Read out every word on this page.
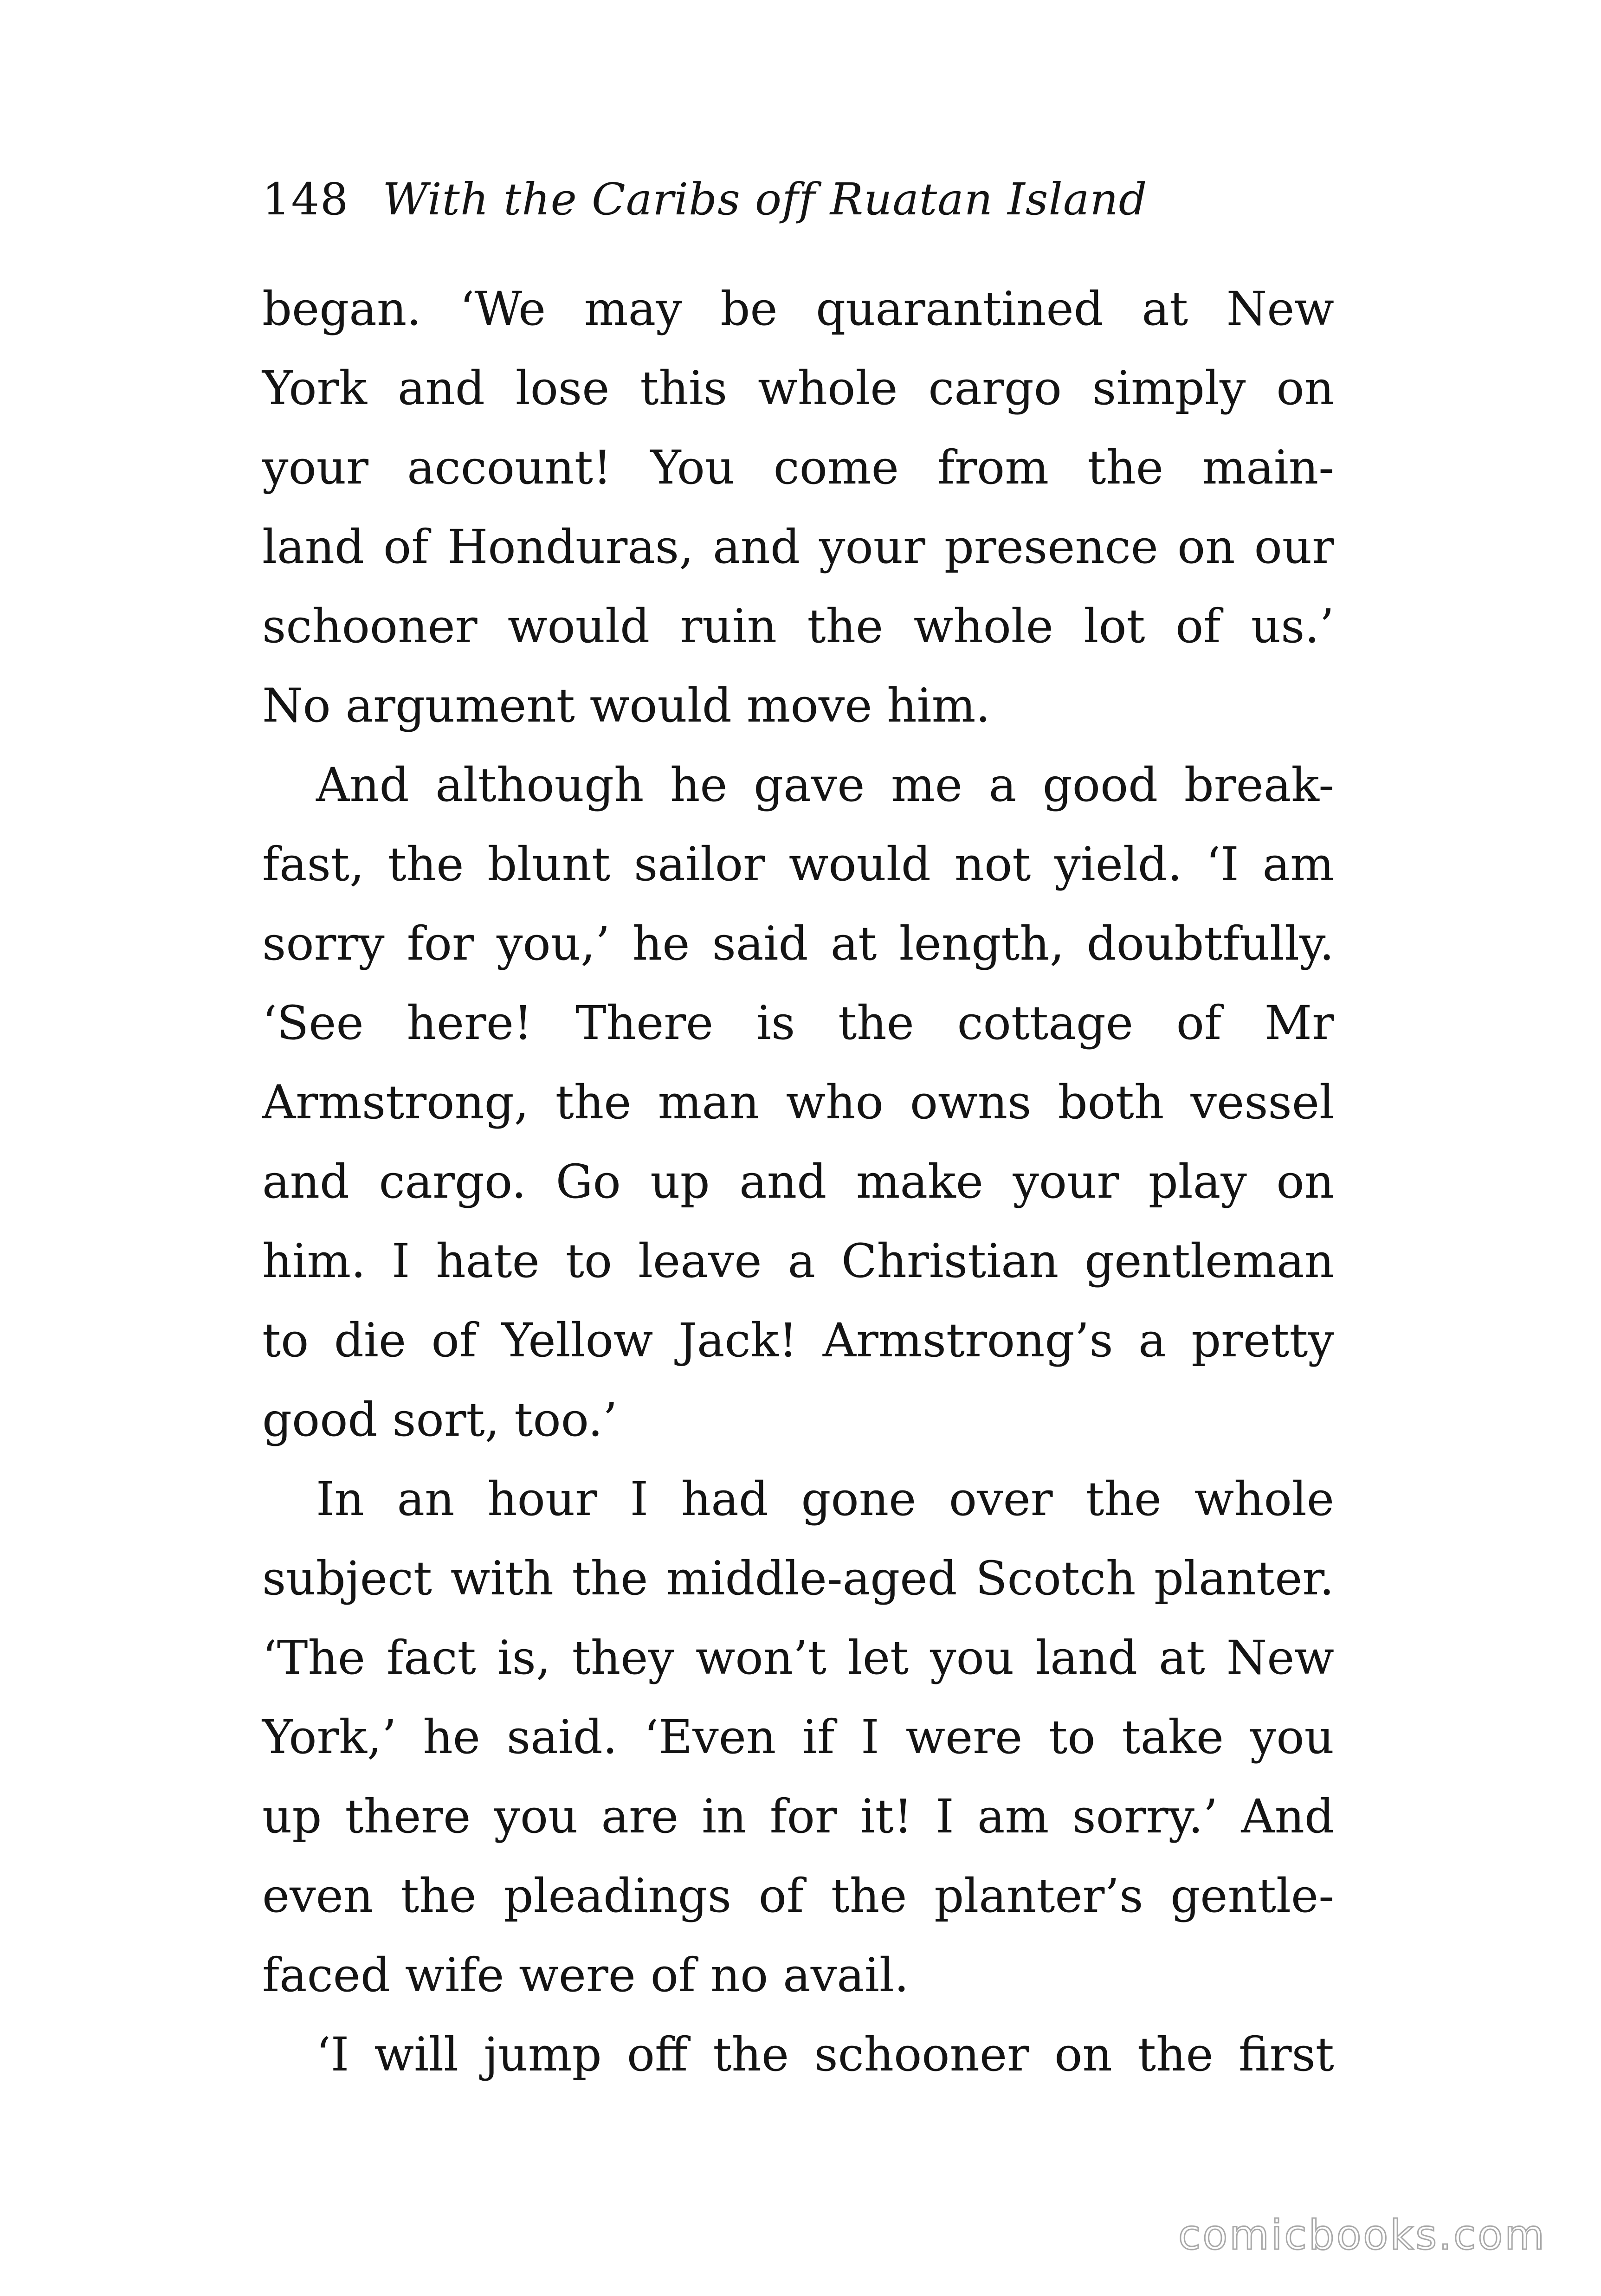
148 With the Caribs off Ruatan Island

began. ‘We may be quarantined at New
York and lose this whole cargo simply on
your account! You come from the main-
land of Honduras, and your presence on our
schooner would ruin the whole lot of us.’
No argument would move him.

And although he gave me a good break-
fast, the blunt sailor would not yield. ‘I am
sorry for you,’ he said at length, doubtfully.
‘See here! There is the cottage of Mr
Armstrong, the man who owns both vessel
and cargo. Go up and make your play on
him. I hate to leave a Christian gentleman
to die of Yellow Jack! Armstrong’s a pretty
good sort, too.’

In an hour I had gone over the whole
subject with the middle-aged Scotch planter.
‘The fact is, they won’t let you land at New
York,’ he said. ‘Even if I were to take you
up there you are in for it! I am sorry.’ And
even the pleadings of the planter’s gentle-
faced wife were of no avail.

‘I will jump off the schooner on the first

comicbooks.com
